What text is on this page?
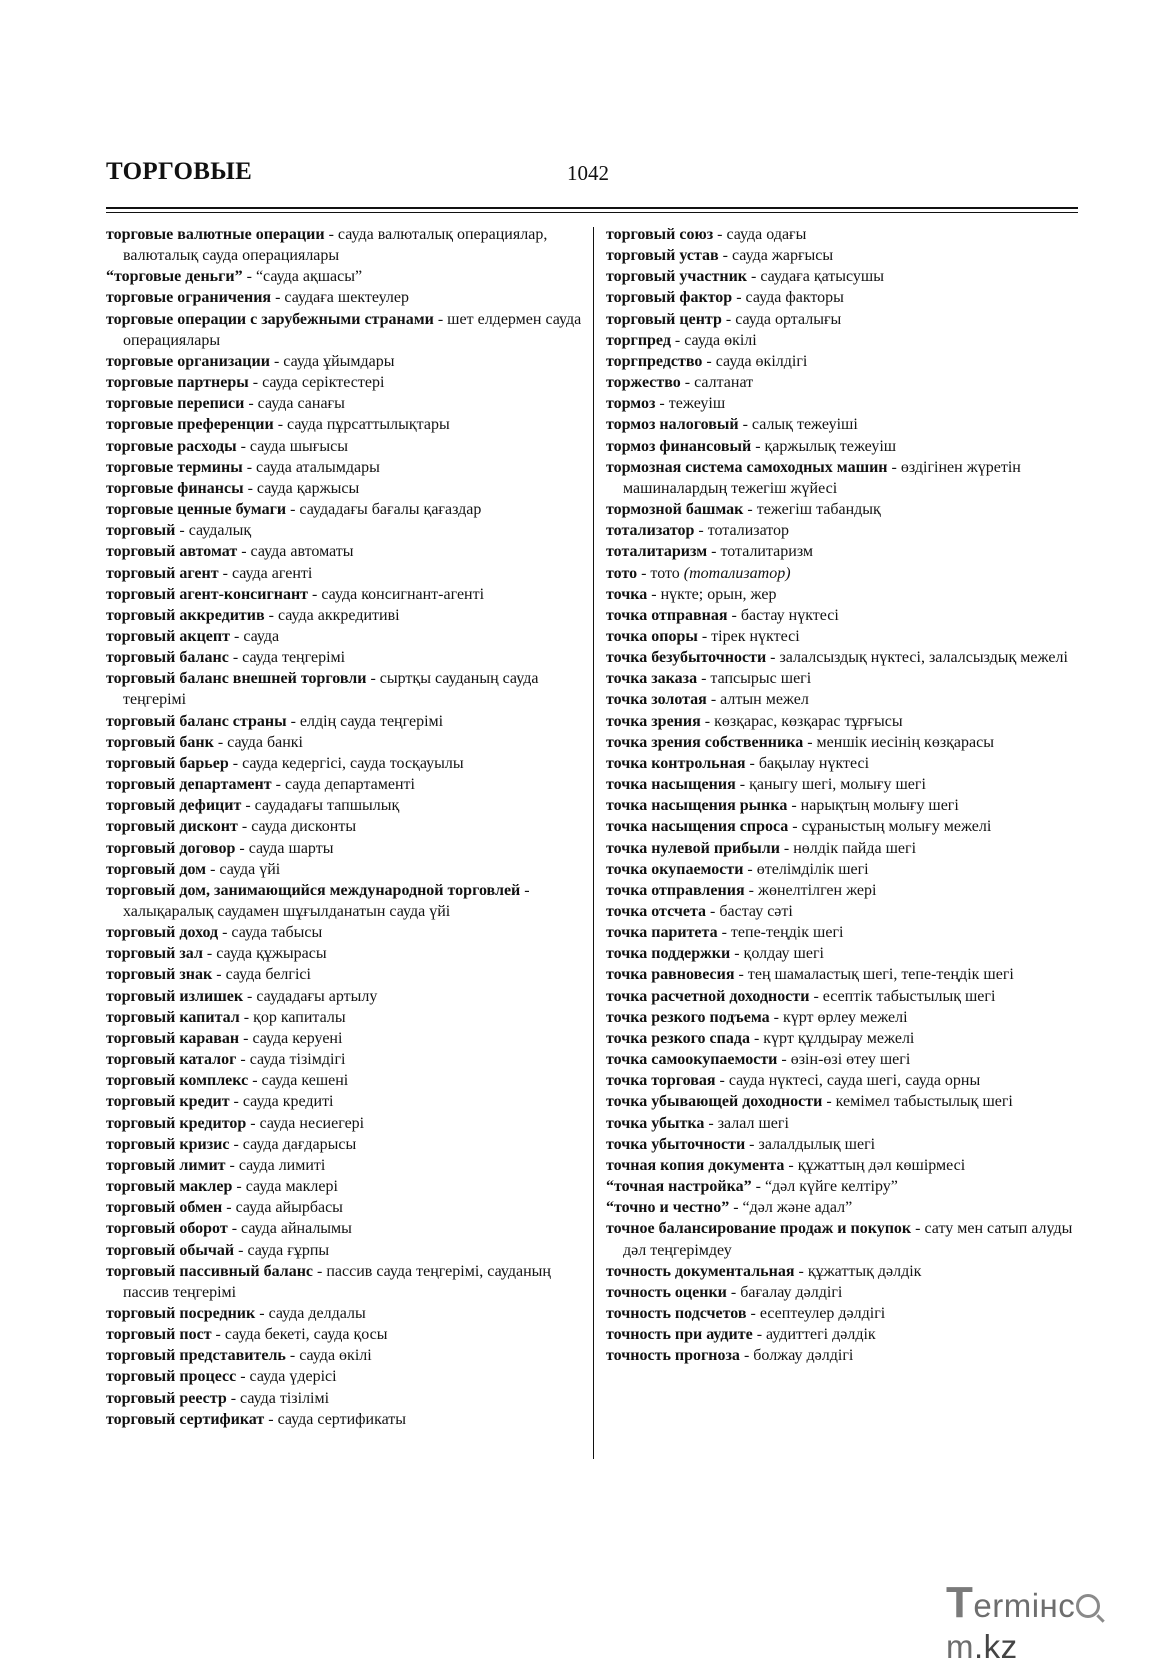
ТОРГОВЫЕ	1042

торговые валютные операции - сауда валюталық операциялар, валюталық сауда операциялары

“торговые деньги” - “сауда ақшасы”

торговые ограничения - саудаға шектеулер

торговые операции с зарубежными странами - шет елдермен сауда операциялары

торговые организации - сауда ұйымдары

торговые партнеры - сауда серіктестері

торговые переписи - сауда санағы

торговые преференции - сауда пұрсаттылықтары

торговые расходы - сауда шығысы

торговые термины - сауда аталымдары

торговые финансы - сауда қаржысы

торговые ценные бумаги - саудадағы бағалы қағаздар

торговый - саудалық

торговый автомат - сауда автоматы

торговый агент - сауда агенті

торговый агент-консигнант - сауда консигнант-агенті

торговый аккредитив - сауда аккредитиві

торговый акцепт - сауда

торговый баланс - сауда теңгерімі

торговый баланс внешней торговли - сыртқы сауданың сауда теңгерімі

торговый баланс страны - елдің сауда теңгерімі

торговый банк - сауда банкі

торговый барьер - сауда кедергісі, сауда тосқауылы

торговый департамент - сауда департаменті

торговый дефицит - саудадағы тапшылық

торговый дисконт - сауда дисконты

торговый договор - сауда шарты

торговый дом - сауда үйі

торговый дом, занимающийся международной торговлей - халықаралық саудамен шұғылданатын сауда үйі

торговый доход - сауда табысы

торговый зал - сауда құжырасы

торговый знак - сауда белгісі

торговый излишек - саудадағы артылу

торговый капитал - қор капиталы

торговый караван - сауда керуені

торговый каталог - сауда тізімдігі

торговый комплекс - сауда кешені

торговый кредит - сауда кредиті

торговый кредитор - сауда несиегері

торговый кризис - сауда дағдарысы

торговый лимит - сауда лимиті

торговый маклер - сауда маклері

торговый обмен - сауда айырбасы

торговый оборот - сауда айналымы

торговый обычай - сауда ғұрпы

торговый пассивный баланс - пассив сауда теңгерімі, сауданың пассив теңгерімі

торговый посредник - сауда делдалы

торговый пост - сауда бекеті, сауда қосы

торговый представитель - сауда өкілі

торговый процесс - сауда үдерісі

торговый реестр - сауда тізілімі

торговый сертификат - сауда сертификаты

торговый союз - сауда одағы

торговый устав - сауда жарғысы

торговый участник - саудаға қатысушы

торговый фактор - сауда факторы

торговый центр - сауда орталығы

торгпред - сауда өкілі

торгпредство - сауда өкілдігі

торжество - салтанат

тормоз - тежеуіш

тормоз налоговый - салық тежеуіші

тормоз финансовый - қаржылық тежеуіш

тормозная система самоходных машин - өздігінен жүретін машиналардың тежегіш жүйесі

тормозной башмак - тежегіш табандық

тотализатор - тотализатор

тоталитаризм - тоталитаризм

тото - тото (тотализатор)

точка - нүкте; орын, жер

точка отправная - бастау нүктесі

точка опоры - тірек нүктесі

точка безубыточности - залалсыздық нүктесі, залалсыздық межелі

точка заказа - тапсырыс шегі

точка золотая - алтын межел

точка зрения - көзқарас, көзқарас тұрғысы

точка зрения собственника - меншік иесінің көзқарасы

точка контрольная - бақылау нүктесі

точка насыщения - қаныгу шегі, молығу шегі

точка насыщения рынка - нарықтың молығу шегі

точка насыщения спроса - сұраныстың молығу межелі

точка нулевой прибыли - нөлдік пайда шегі

точка окупаемости - өтелімділік шегі

точка отправления - жөнелтілген жері

точка отсчета - бастау сәті

точка паритета - тепе-теңдік шегі

точка поддержки - қолдау шегі

точка равновесия - тең шамаластық шегі, тепе-теңдік шегі

точка расчетной доходности - есептік табыстылық шегі

точка резкого подъема - күрт өрлеу межелі

точка резкого спада - күрт құлдырау межелі

точка самоокупаемости - өзін-өзі өтеу шегі

точка торговая - сауда нүктесі, сауда шегі, сауда орны

точка убывающей доходности - кемімел табыстылық шегі

точка убытка - залал шегі

точка убыточности - залалдылық шегі

точная копия документа - құжаттың дәл көшірмесі

“точная настройка” - “дәл күйге келтіру”

“точно и честно” - “дәл және адал”

точное балансирование продаж и покупок - сату мен сатып алуды дәл теңгерімдеу

точность документальная - құжаттық дәлдік

точность оценки - бағалау дәлдігі

точность подсчетов - есептеулер дәлдігі

точность при аудите - аудиттегі дәлдік

точность прогноза - болжау дәлдігі

Termінсm.kz
